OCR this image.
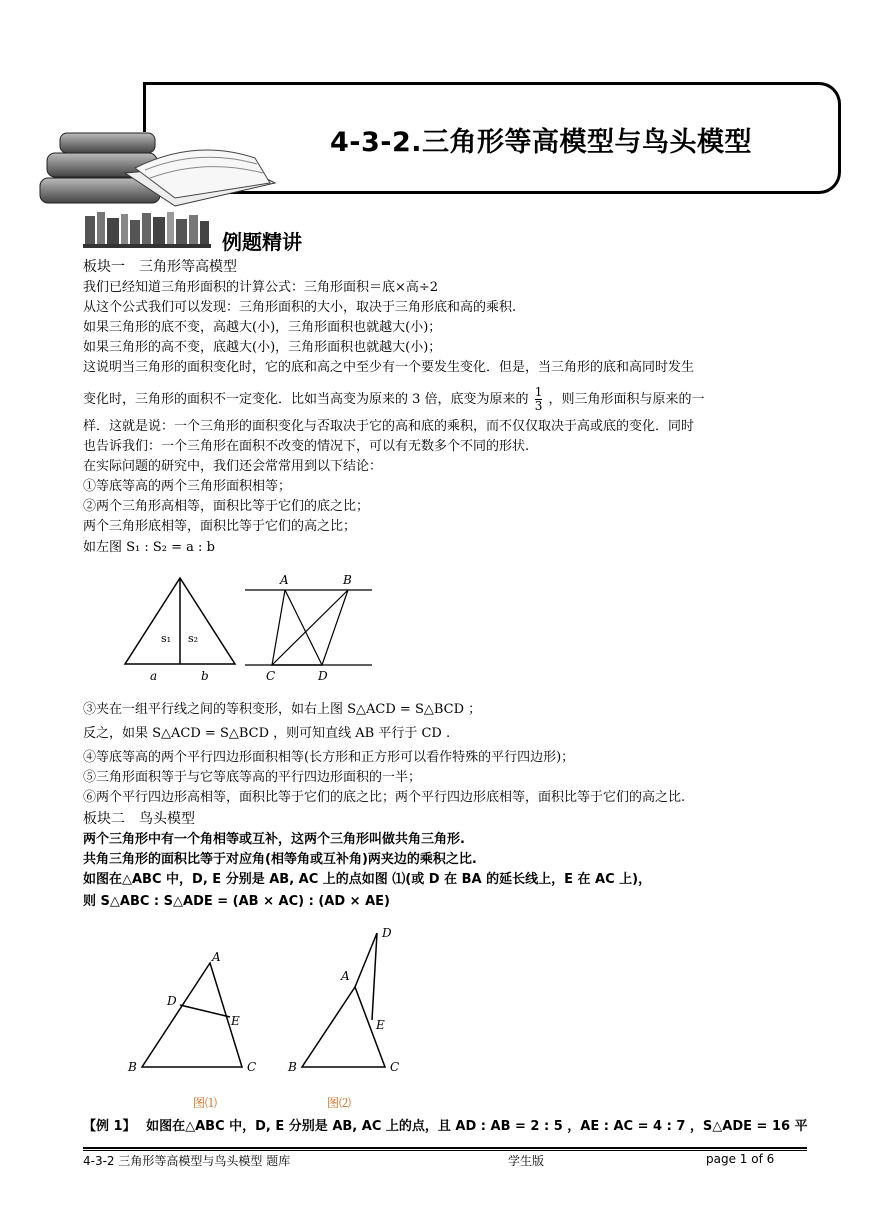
4-3-2.三角形等高模型与鸟头模型
例题精讲
板块一　三角形等高模型
我们已经知道三角形面积的计算公式：三角形面积＝底×高÷2
从这个公式我们可以发现：三角形面积的大小，取决于三角形底和高的乘积.
如果三角形的底不变，高越大(小)，三角形面积也就越大(小)；
如果三角形的高不变，底越大(小)，三角形面积也就越大(小)；
这说明当三角形的面积变化时，它的底和高之中至少有一个要发生变化．但是，当三角形的底和高同时发生
变化时，三角形的面积不一定变化．比如当高变为原来的 3 倍，底变为原来的 $\frac{1}{3}$ ，则三角形面积与原来的一
样．这就是说：一个三角形的面积变化与否取决于它的高和底的乘积，而不仅仅取决于高或底的变化．同时
也告诉我们：一个三角形在面积不改变的情况下，可以有无数多个不同的形状.
在实际问题的研究中，我们还会常常用到以下结论：
①等底等高的两个三角形面积相等；
②两个三角形高相等，面积比等于它们的底之比；
两个三角形底相等，面积比等于它们的高之比；
如左图 S₁ : S₂ = a : b
s₁ s₂
a	b
A	B
C	D
③夹在一组平行线之间的等积变形，如右上图 S△ACD = S△BCD ；
反之，如果 S△ACD = S△BCD ，则可知直线 AB 平行于 CD .
④等底等高的两个平行四边形面积相等(长方形和正方形可以看作特殊的平行四边形)；
⑤三角形面积等于与它等底等高的平行四边形面积的一半；
⑥两个平行四边形高相等，面积比等于它们的底之比；两个平行四边形底相等，面积比等于它们的高之比.
板块二　鸟头模型
两个三角形中有一个角相等或互补，这两个三角形叫做共角三角形.
共角三角形的面积比等于对应角(相等角或互补角)两夹边的乘积之比.
如图在△ABC 中，D, E 分别是 AB, AC 上的点如图 ⑴(或 D 在 BA 的延长线上，E 在 AC 上)，
则 S△ABC : S△ADE = (AB × AC) : (AD × AE)
A
D
E
B	C
D
A
E
B	C
图⑴	图⑵
【例 1】 如图在△ABC 中，D, E 分别是 AB, AC 上的点，且 AD : AB = 2 : 5 ，AE : AC = 4 : 7 ，S△ADE = 16 平
4-3-2 三角形等高模型与鸟头模型 题库	学生版	page 1 of 6
